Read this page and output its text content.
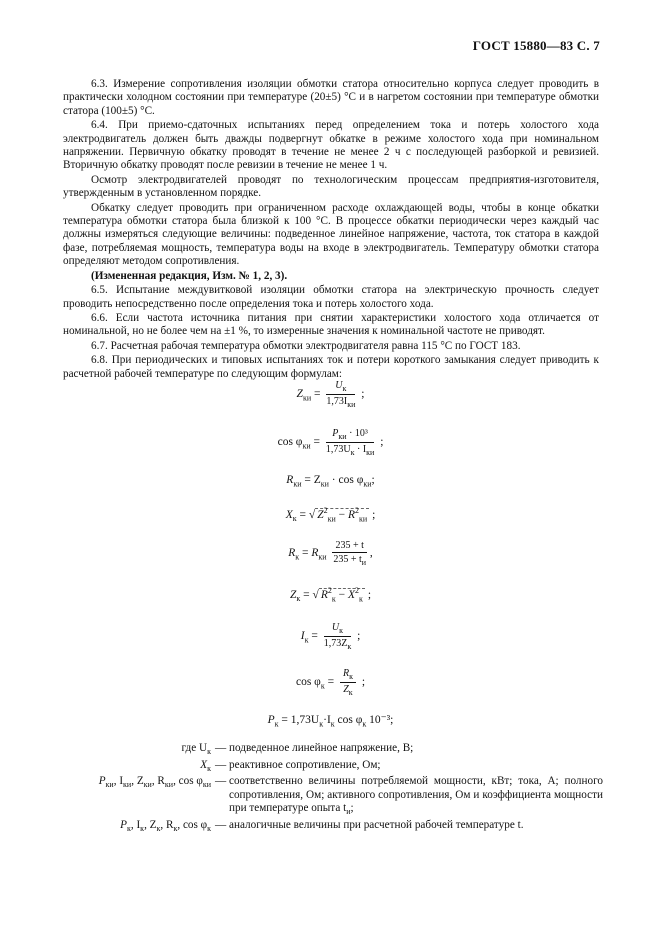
ГОСТ 15880—83 С. 7

6.3. Измерение сопротивления изоляции обмотки статора относительно корпуса следует проводить в практически холодном состоянии при температуре (20±5) °С и в нагретом состоянии при температуре обмотки статора (100±5) °С.

6.4. При приемо-сдаточных испытаниях перед определением тока и потерь холостого хода электродвигатель должен быть дважды подвергнут обкатке в режиме холостого хода при номинальном напряжении. Первичную обкатку проводят в течение не менее 2 ч с последующей разборкой и ревизией. Вторичную обкатку проводят после ревизии в течение не менее 1 ч.

Осмотр электродвигателей проводят по технологическим процессам предприятия-изготовителя, утвержденным в установленном порядке.

Обкатку следует проводить при ограниченном расходе охлаждающей воды, чтобы в конце обкатки температура обмотки статора была близкой к 100 °С. В процессе обкатки периодически через каждый час должны измеряться следующие величины: подведенное линейное напряжение, частота, ток статора в каждой фазе, потребляемая мощность, температура воды на входе в электродвигатель. Температуру обмотки статора определяют методом сопротивления.

(Измененная редакция, Изм. № 1, 2, 3).

6.5. Испытание междувитковой изоляции обмотки статора на электрическую прочность следует проводить непосредственно после определения тока и потерь холостого хода.

6.6. Если частота источника питания при снятии характеристики холостого хода отличается от номинальной, но не более чем на ±1 %, то измеренные значения к номинальной частоте не приводят.

6.7. Расчетная рабочая температура обмотки электродвигателя равна 115 °С по ГОСТ 183.

6.8. При периодических и типовых испытаниях ток и потери короткого замыкания следует приводить к расчетной рабочей температуре по следующим формулам:

$Z_{ки} = \frac{U_к}{1,73I_{ки}}$ ;
$\cos \varphi_{ки} = \frac{P_{ки} \cdot 10^3}{1,73U_к \cdot I_{ки}}$ ;
$R_{ки} = Z_{ки} \cdot \cos \varphi_{ки}$;
$X_к$ = √ $Z^2_{ки} - R^2_{ки}$ ;
$R_к = R_{ки} \frac{235 + t}{235 + t_и}$ ,
$Z_к$ = √ $R^2_к - X^2_к$ ;
$I_к = \frac{U_к}{1,73Z_к}$ ;
$\cos \varphi_к = \frac{R_к}{Z_к}$ ;
$P_к = 1,73U_к\cdot I_к$ $\cos \varphi_к$ 10⁻³;
где $U_к$ — подведенное линейное напряжение, В;
$X_к$ — реактивное сопротивление, Ом;
$P_{ки}$, $I_{ки}$, $Z_{ки}$, $R_{ки}$, $\cos \varphi_{ки}$ — соответственно величины потребляемой мощности, кВт; тока, А; полного сопротивления, Ом; активного сопротивления, Ом и коэффициента мощности при температуре опыта $t_и$;
$P_к$, $I_к$, $Z_к$, $R_к$, $\cos \varphi_к$ — аналогичные величины при расчетной рабочей температуре t.
